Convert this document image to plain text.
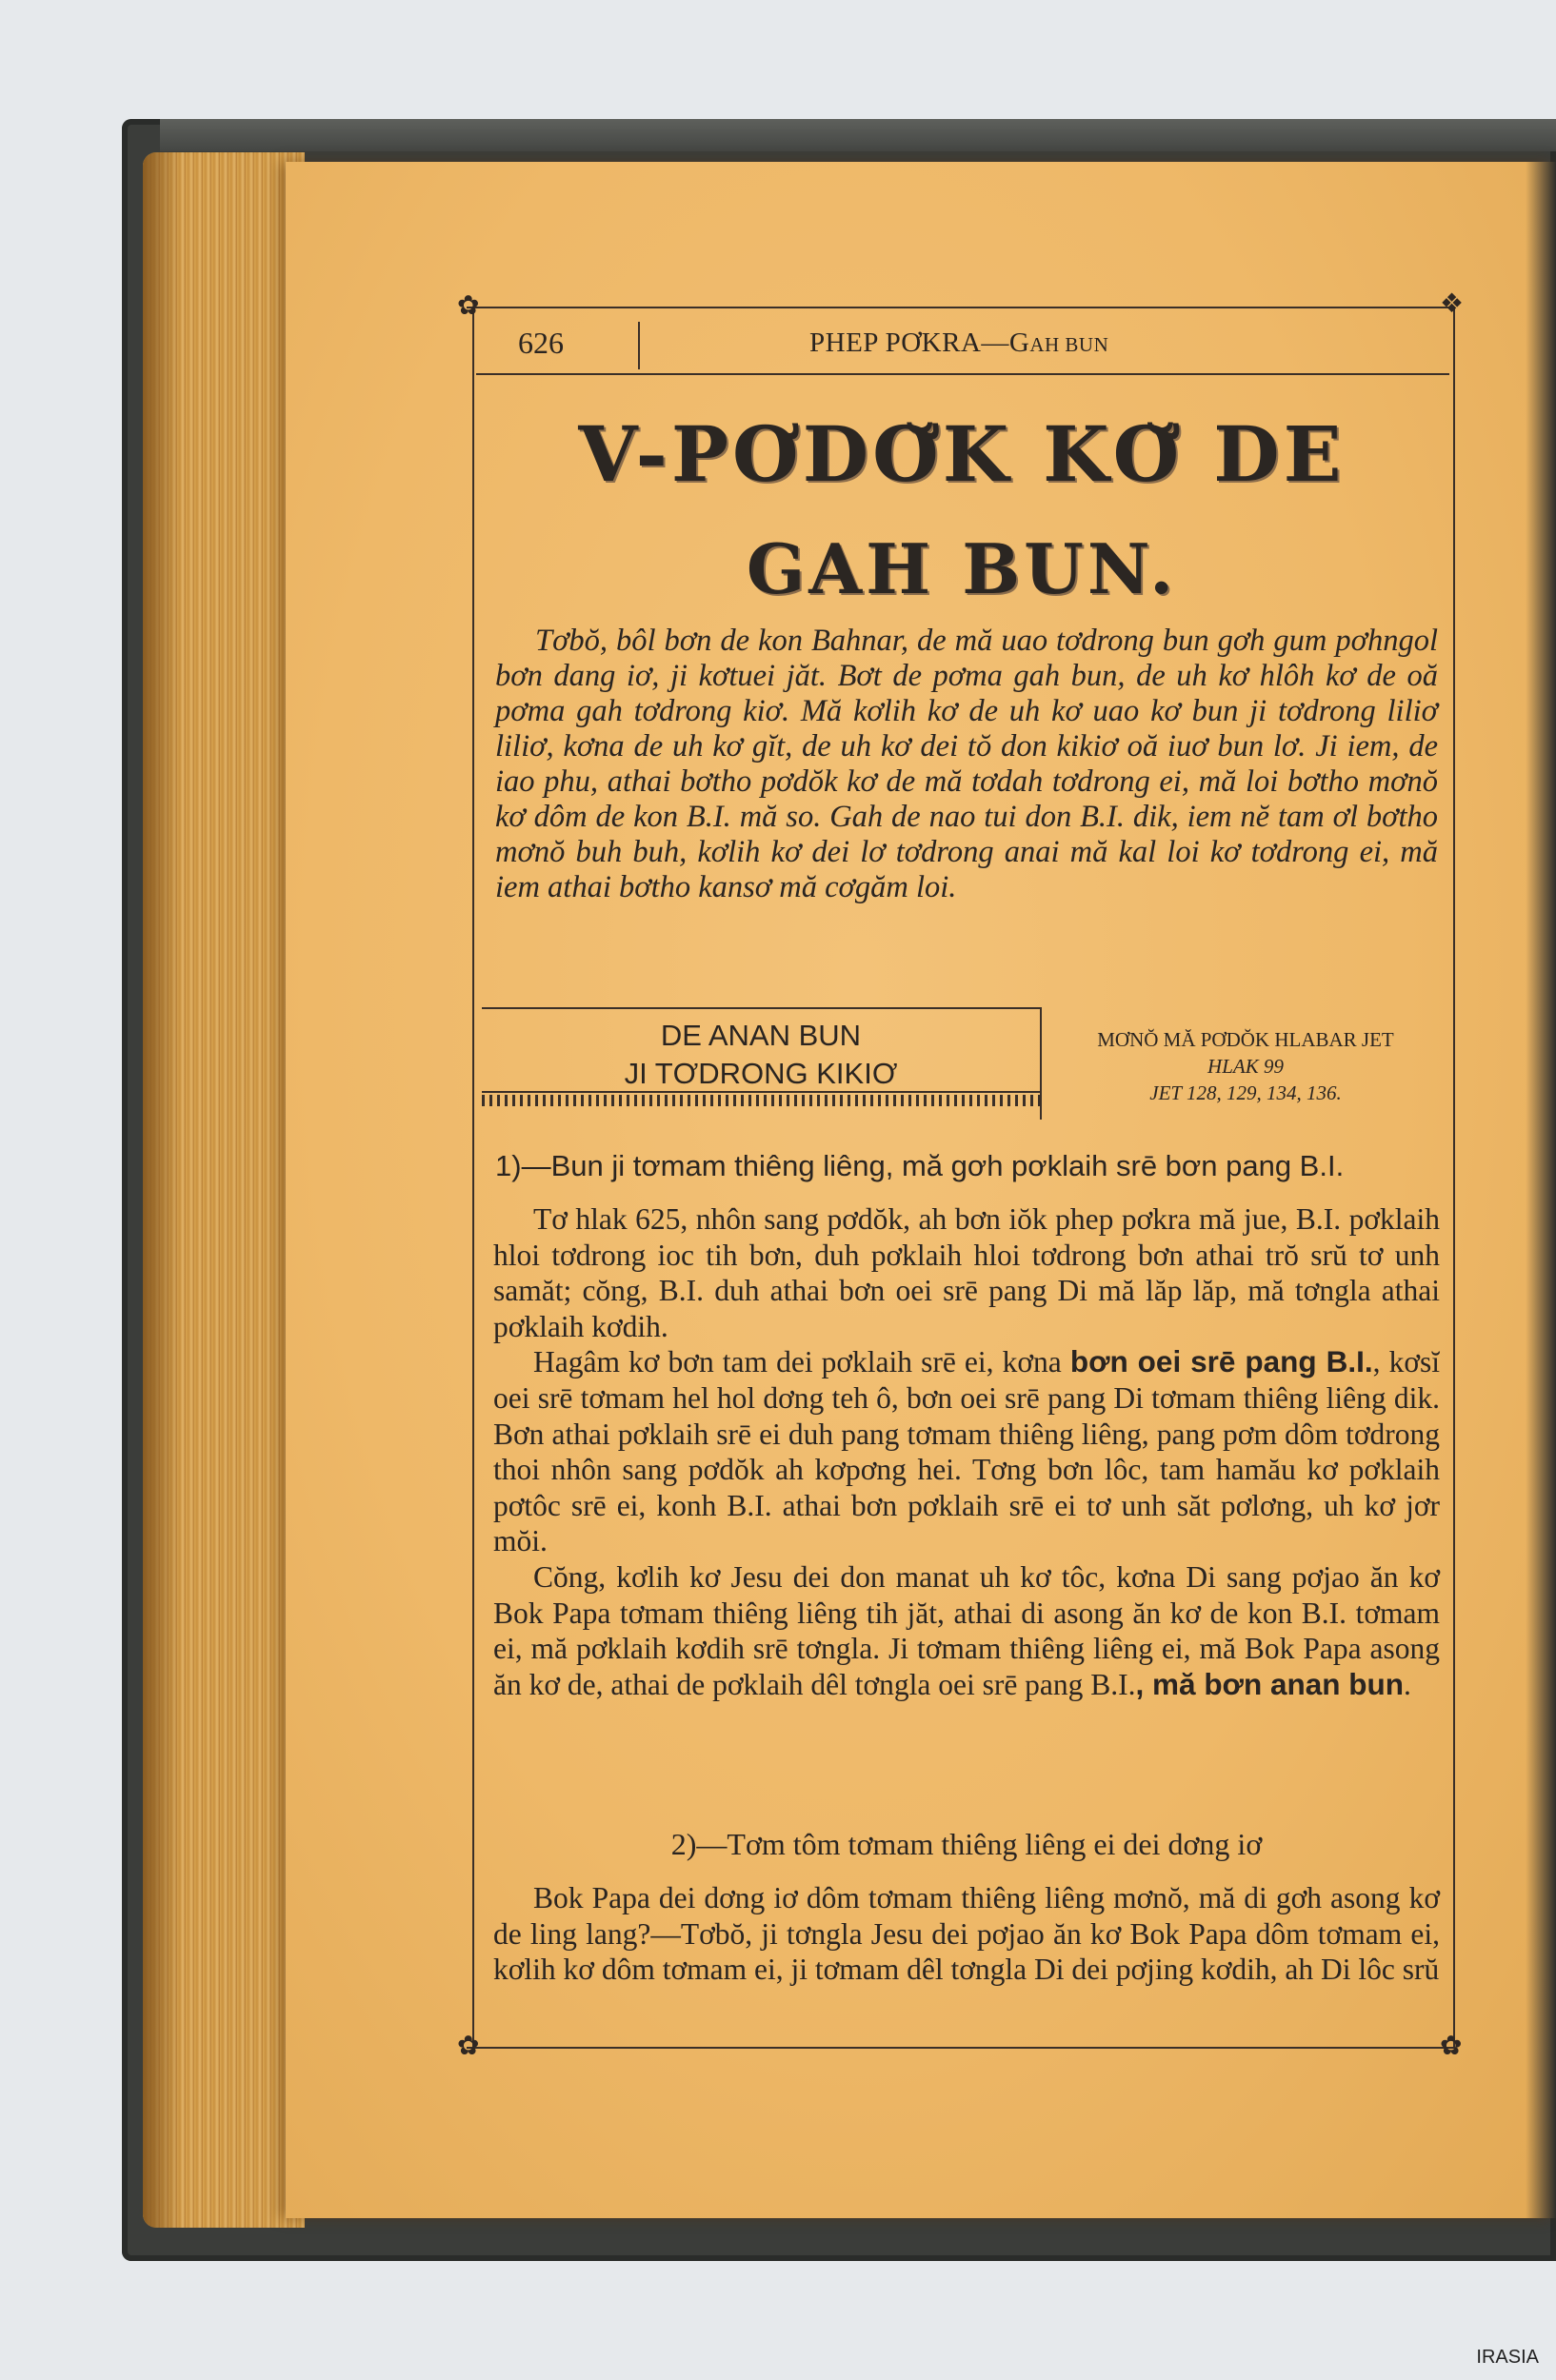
✿	❖
✿	✿
626	PHEP PƠKRA—GAH BUN
V-PƠDƠ̆K KƠ̆ DE
GAH BUN.
Tơbŏ, bôl bơn de kon Bahnar, de mă uao tơdrong bun gơh gum pơhngol bơn dang iơ, ji kơtuei jăt. Bơt de pơma gah bun, de uh kơ hlôh kơ de oă pơma gah tơdrong kiơ. Mă kơlih kơ de uh kơ uao kơ bun ji tơdrong liliơ liliơ, kơna de uh kơ gĭt, de uh kơ dei tŏ don kikiơ oă iuơ bun lơ. Ji iem, de iao phu, athai bơtho pơdŏk kơ de mă tơdah tơdrong ei, mă loi bơtho mơnŏ kơ dôm de kon B.I. mă so. Gah de nao tui don B.I. dik, iem nĕ tam ơl bơtho mơnŏ buh buh, kơlih kơ dei lơ tơdrong anai mă kal loi kơ tơdrong ei, mă iem athai bơtho kansơ mă cơgăm loi.
DE ANAN BUN
JI TƠDRONG KIKIƠ
MƠNŎ MĂ PƠDŎK HLABAR JET
HLAK 99
JET 128, 129, 134, 136.
1)—Bun ji tơmam thiêng liêng, mă gơh pơklaih srē bơn pang B.I.

Tơ hlak 625, nhôn sang pơdŏk, ah bơn iŏk phep pơkra mă jue, B.I. pơklaih hloi tơdrong ioc tih bơn, duh pơklaih hloi tơdrong bơn athai trŏ srŭ tơ unh samăt; cŏng, B.I. duh athai bơn oei srē pang Di mă lăp lăp, mă tơngla athai pơklaih kơdih.

Hagâm kơ bơn tam dei pơklaih srē ei, kơna bơn oei srē pang B.I., kơsĭ oei srē tơmam hel hol dơng teh ô, bơn oei srē pang Di tơmam thiêng liêng dik. Bơn athai pơklaih srē ei duh pang tơmam thiêng liêng, pang pơm dôm tơdrong thoi nhôn sang pơdŏk ah kơpơng hei. Tơng bơn lôc, tam hamău kơ pơklaih pơtôc srē ei, konh B.I. athai bơn pơklaih srē ei tơ unh săt pơlơng, uh kơ jơr mŏi.

Cŏng, kơlih kơ Jesu dei don manat uh kơ tôc, kơna Di sang pơjao ăn kơ Bok Papa tơmam thiêng liêng tih jăt, athai di asong ăn kơ de kon B.I. tơmam ei, mă pơklaih kơdih srē tơngla. Ji tơmam thiêng liêng ei, mă Bok Papa asong ăn kơ de, athai de pơklaih dêl tơngla oei srē pang B.I., mă bơn anan bun.

2)—Tơm tôm tơmam thiêng liêng ei dei dơng iơ
Bok Papa dei dơng iơ dôm tơmam thiêng liêng mơnŏ, mă di gơh asong kơ de ling lang?—Tơbŏ, ji tơngla Jesu dei pơjao ăn kơ Bok Papa dôm tơmam ei, kơlih kơ dôm tơmam ei, ji tơmam dêl tơngla Di dei pơjing kơdih, ah Di lôc srŭ
IRASIA
